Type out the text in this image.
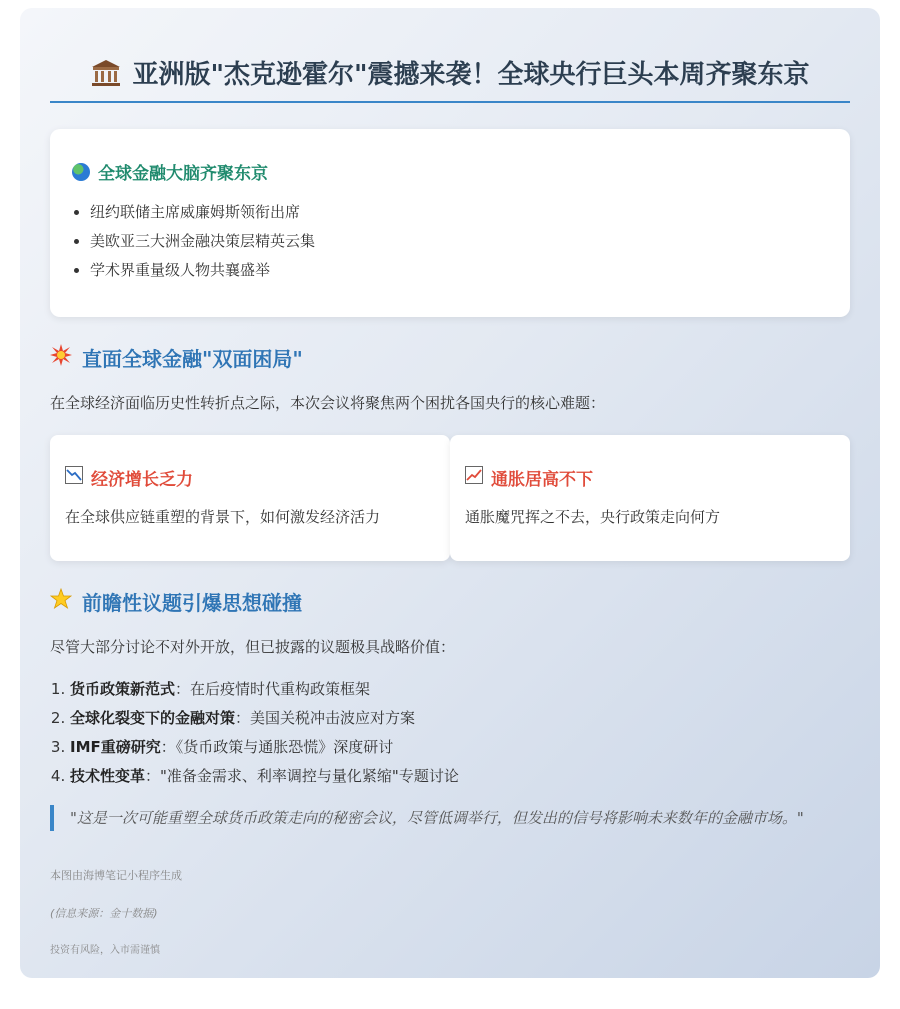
亚洲版"杰克逊霍尔"震撼来袭！全球央行巨头本周齐聚东京
全球金融大脑齐聚东京
• 纽约联储主席威廉姆斯领衔出席
• 美欧亚三大洲金融决策层精英云集
• 学术界重量级人物共襄盛举
直面全球金融"双面困局"
在全球经济面临历史性转折点之际，本次会议将聚焦两个困扰各国央行的核心难题：
经济增长乏力
在全球供应链重塑的背景下，如何激发经济活力
通胀居高不下
通胀魔咒挥之不去，央行政策走向何方
前瞻性议题引爆思想碰撞
尽管大部分讨论不对外开放，但已披露的议题极具战略价值：
1. 货币政策新范式：在后疫情时代重构政策框架
2. 全球化裂变下的金融对策：美国关税冲击波应对方案
3. IMF重磅研究：《货币政策与通胀恐慌》深度研讨
4. 技术性变革："准备金需求、利率调控与量化紧缩"专题讨论
"这是一次可能重塑全球货币政策走向的秘密会议，尽管低调举行，但发出的信号将影响未来数年的金融市场。"
本图由海博笔记小程序生成
(信息来源：金十数据)
投资有风险，入市需谨慎
